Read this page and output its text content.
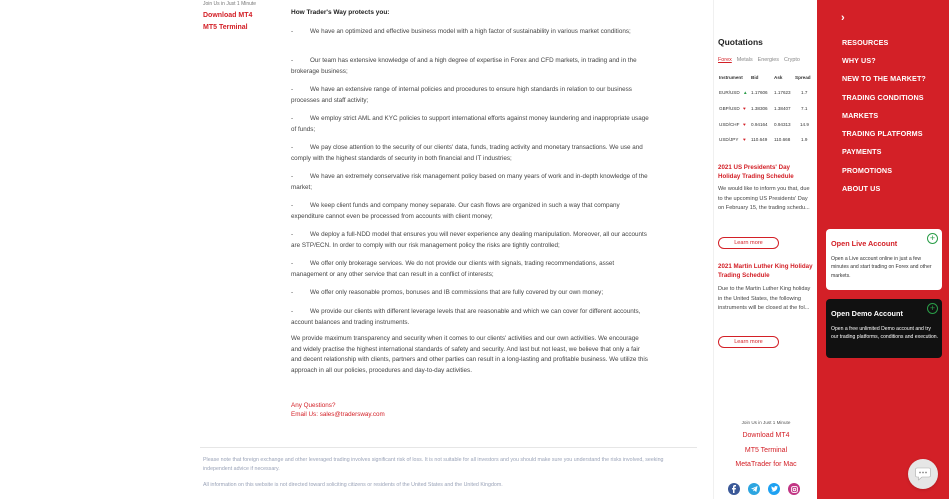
Join Us in Just 1 Minute
Download MT4
MT5 Terminal
How Trader's Way protects you:
-	We have an optimized and effective business model with a high factor of sustainability in various market conditions;
-	Our team has extensive knowledge of and a high degree of expertise in Forex and CFD markets, in trading and in the brokerage business;
-	We have an extensive range of internal policies and procedures to ensure high standards in relation to our business processes and staff activity;
-	We employ strict AML and KYC policies to support international efforts against money laundering and inappropriate usage of funds;
-	We pay close attention to the security of our clients' data, funds, trading activity and monetary transactions. We use and comply with the highest standards of security in both financial and IT industries;
-	We have an extremely conservative risk management policy based on many years of work and in-depth knowledge of the market;
-	We keep client funds and company money separate. Our cash flows are organized in such a way that company expenditure cannot even be processed from accounts with client money;
-	We deploy a full-NDD model that ensures you will never experience any dealing manipulation. Moreover, all our accounts are STP/ECN. In order to comply with our risk management policy the risks are tightly controlled;
-	We offer only brokerage services. We do not provide our clients with signals, trading recommendations, asset management or any other service that can result in a conflict of interests;
-	We offer only reasonable promos, bonuses and IB commissions that are fully covered by our own money;
-	We provide our clients with different leverage levels that are reasonable and which we can cover for different accounts, account balances and trading instruments.
We provide maximum transparency and security when it comes to our clients' activities and our own activities. We encourage and widely practise the highest international standards of safety and security. And last but not least, we believe that only a fair and decent relationship with clients, partners and other parties can result in a long-lasting and profitable business. We utilize this approach in all our policies, procedures and day-to-day activities.
Any Questions?
Email Us: sales@tradersway.com
Please note that foreign exchange and other leveraged trading involves significant risk of loss. It is not suitable for all investors and you should make sure you understand the risks involved, seeking independent advice if necessary.
All information on this website is not directed toward soliciting citizens or residents of the United States and the United Kingdom.
Quotations
Forex Metals Energies Crypto
Instrument Bid	Ask	Spread
EUR/USD ▲ 1.17606 1.17623 1.7
GBP/USD ♥ 1.38306 1.38407 7.1
USD/CHF ♥ 0.94164 0.94313 14.9
USD/JPY ♥ 110.649 110.668 1.9
2021 US Presidents' Day Holiday Trading Schedule
We would like to inform you that, due to the upcoming US Presidents' Day on February 15, the trading schedu...
Learn more
2021 Martin Luther King Holiday Trading Schedule
Due to the Martin Luther King holiday in the United States, the following instruments will be closed at the fol...
Learn more
Join Us in Just 1 Minute
Download MT4
MT5 Terminal
MetaTrader for Mac
›
RESOURCES
WHY US?
NEW TO THE MARKET?
TRADING CONDITIONS
MARKETS
TRADING PLATFORMS
PAYMENTS
PROMOTIONS
ABOUT US
Open Live Account
+
Open a Live account online in just a few minutes and start trading on Forex and other markets.
Open Demo Account
+
Open a free unlimited Demo account and try our trading platforms, conditions and execution.
